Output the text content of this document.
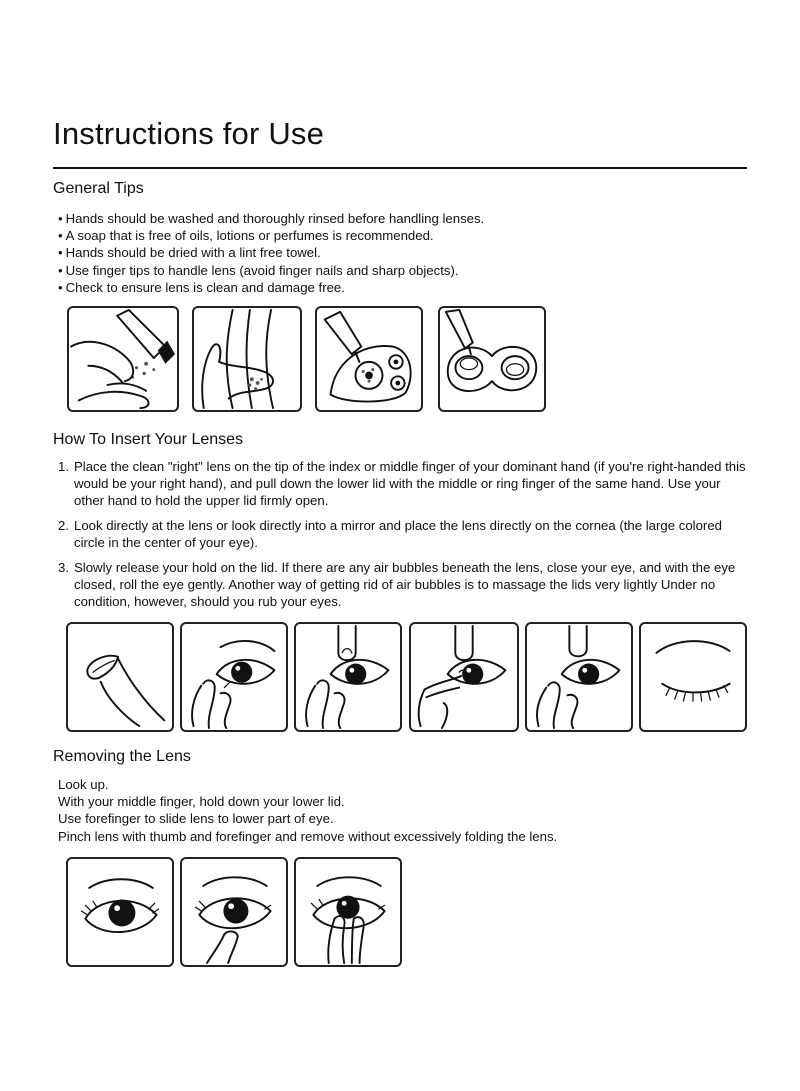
Instructions for Use
General Tips
• Hands should be washed and thoroughly rinsed before handling lenses.
• A soap that is free of oils, lotions or perfumes is recommended.
• Hands should be dried with a lint free towel.
• Use finger tips to handle lens (avoid finger nails and sharp objects).
• Check to ensure lens is clean and damage free.
How To Insert Your Lenses
1. Place the clean "right" lens on the tip of the index or middle finger of your dominant hand (if you're right-handed this would be your right hand), and pull down the lower lid with the middle or ring finger of the same hand. Use your other hand to hold the upper lid firmly open.
2. Look directly at the lens or look directly into a mirror and place the lens directly on the cornea (the large colored circle in the center of your eye).
3. Slowly release your hold on the lid. If there are any air bubbles beneath the lens, close your eye, and with the eye closed, roll the eye gently. Another way of getting rid of air bubbles is to massage the lids very lightly Under no condition, however, should you rub your eyes.
Removing the Lens
Look up.
With your middle finger, hold down your lower lid.
Use forefinger to slide lens to lower part of eye.
Pinch lens with thumb and forefinger and remove without excessively folding the lens.
